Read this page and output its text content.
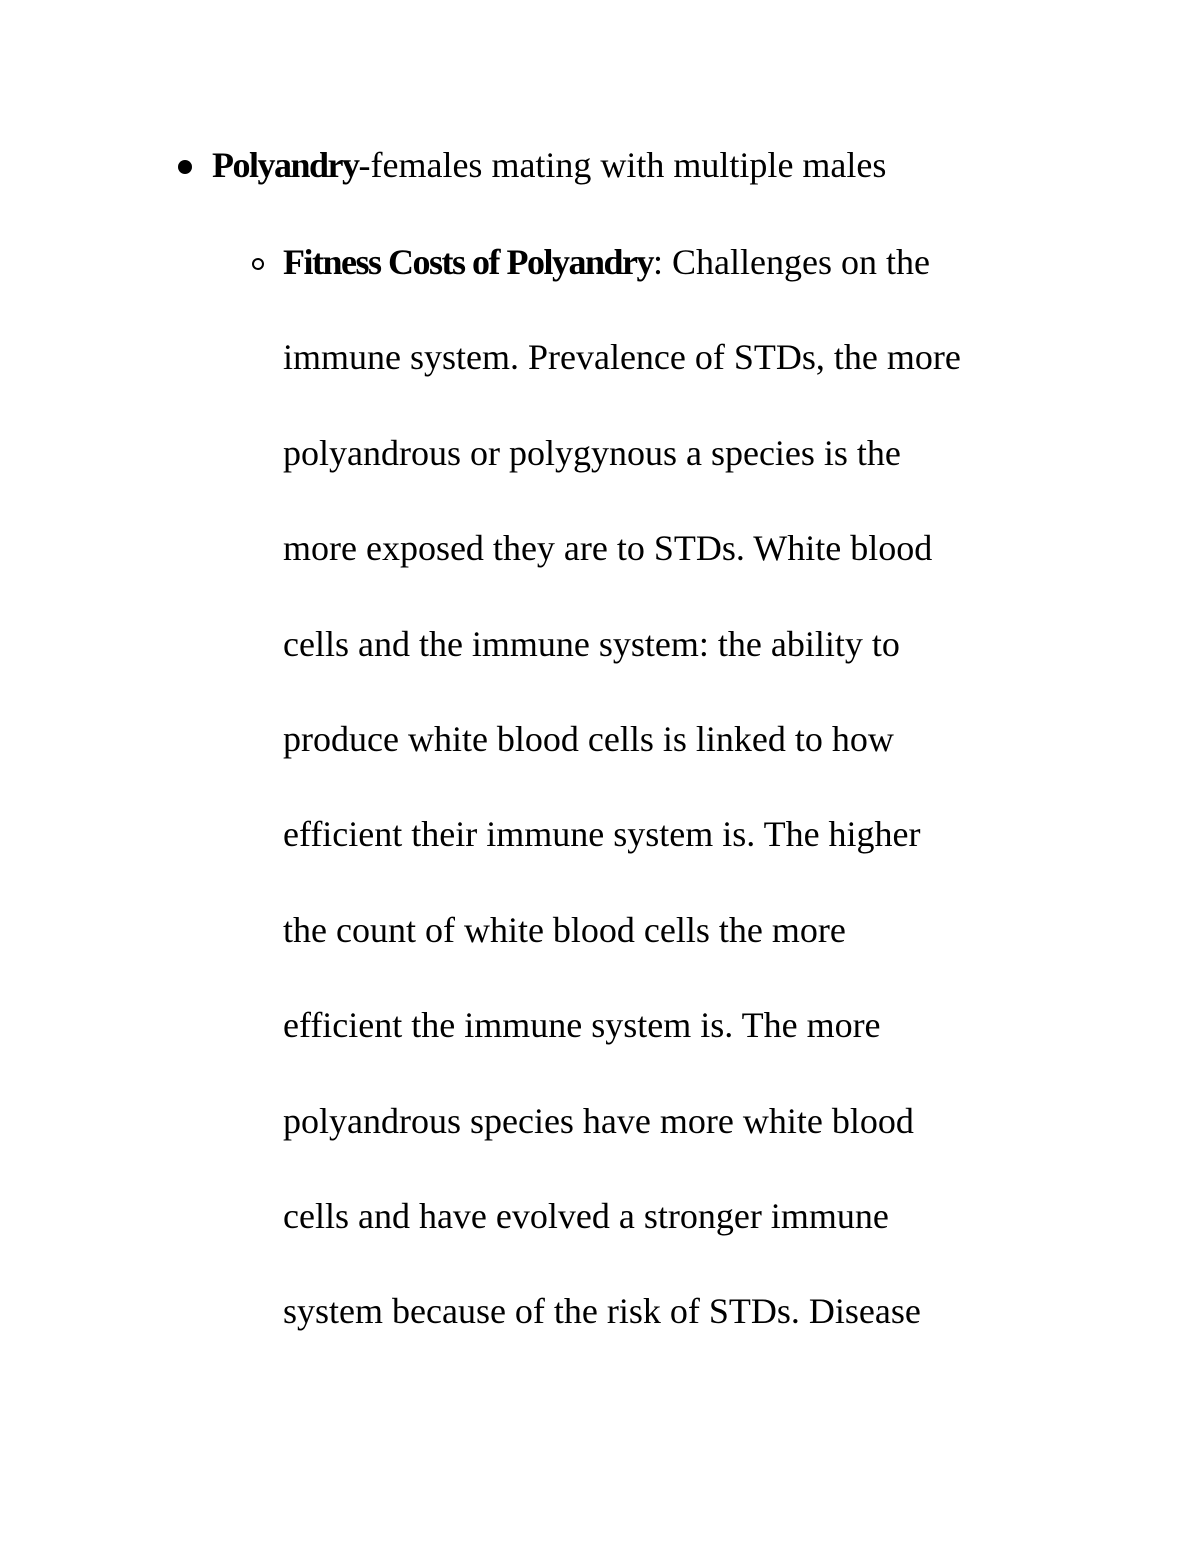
Polyandry-females mating with multiple males
Fitness Costs of Polyandry: Challenges on the
immune system. Prevalence of STDs, the more
polyandrous or polygynous a species is the
more exposed they are to STDs. White blood
cells and the immune system: the ability to
produce white blood cells is linked to how
efficient their immune system is. The higher
the count of white blood cells the more
efficient the immune system is. The more
polyandrous species have more white blood
cells and have evolved a stronger immune
system because of the risk of STDs. Disease
